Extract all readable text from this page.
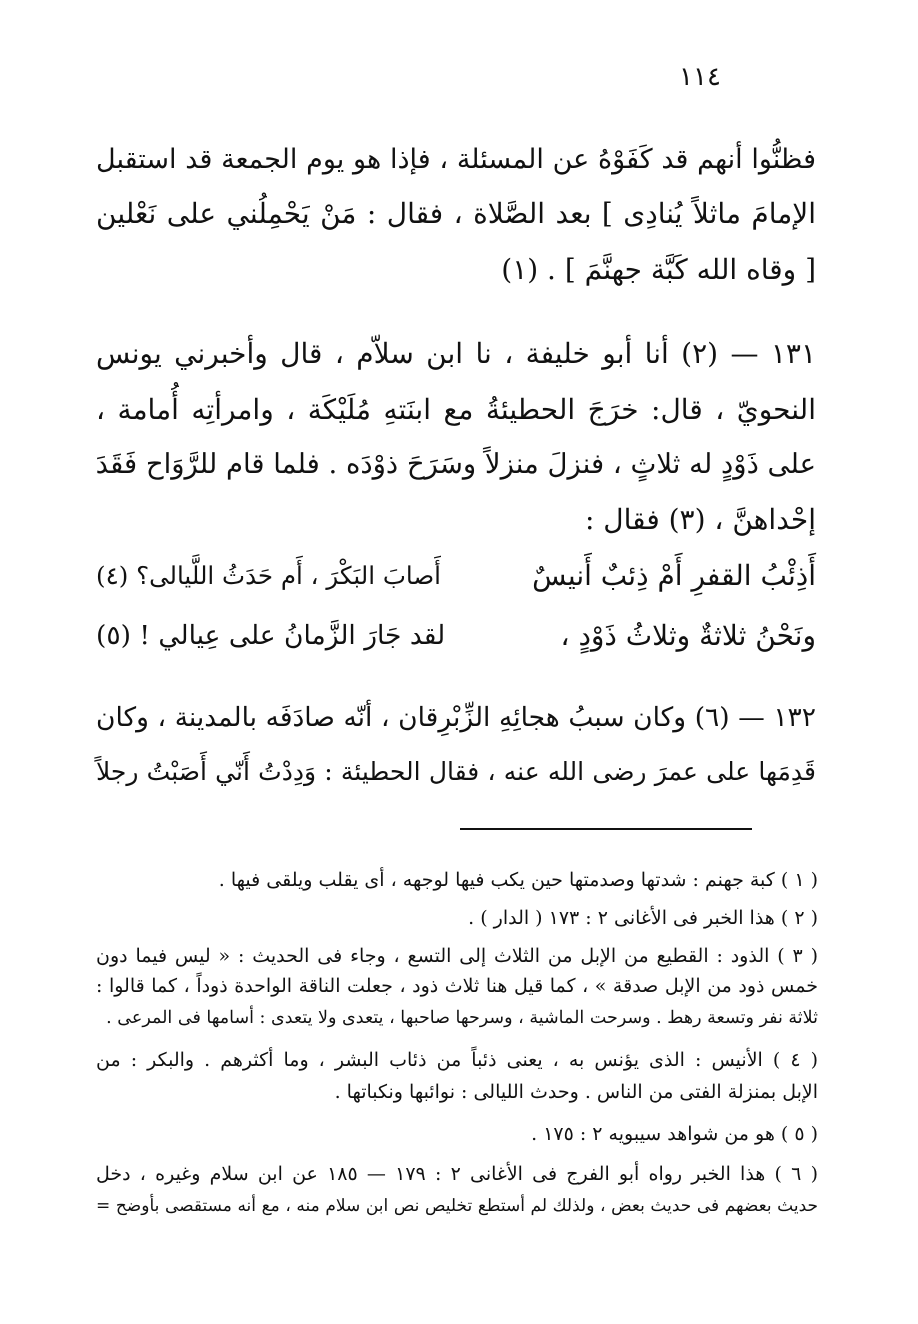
١١٤
فظنُّوا أنهم قد كَفَوْهُ عن المسئلة ، فإذا هو يوم الجمعة قد استقبل
الإمامَ ماثلاً يُنادِى ] بعد الصَّلاة ، فقال : مَنْ يَحْمِلُني على نَعْلين
[ وقاه الله كَبَّة جهنَّمَ ] . (١)
١٣١ — (٢) أنا أبو خليفة ، نا ابن سلاّم ، قال وأخبرني يونس
النحويّ ، قال: خرَجَ الحطيئةُ مع ابنَتهِ مُلَيْكَة ، وامرأتِه أُمامة ،
على ذَوْدٍ له ثلاثٍ ، فنزلَ منزلاً وسَرَحَ ذوْدَه . فلما قام للرَّوَاح فَقَدَ
إحْداهنَّ ، (٣) فقال :
أَذِئْبُ القفرِ أَمْ ذِئبٌ أَنيسٌ
أَصابَ البَكْرَ ، أَم حَدَثُ اللَّيالى؟ (٤)
ونَحْنُ ثلاثةٌ وثلاثُ ذَوْدٍ ،
لقد جَارَ الزَّمانُ على عِيالي ! (٥)
١٣٢ — (٦) وكان سببُ هجائِهِ الزِّبْرِقان ، أنّه صادَفَه بالمدينة ، وكان
قَدِمَها على عمرَ رضى الله عنه ، فقال الحطيئة : وَدِدْتُ أَنّي أَصَبْتُ رجلاً
( ١ ) كبة جهنم : شدتها وصدمتها حين يكب فيها لوجهه ، أى يقلب ويلقى فيها .
( ٢ ) هذا الخبر فى الأغانى ٢ : ١٧٣ ( الدار ) .
( ٣ ) الذود : القطيع من الإبل من الثلاث إلى التسع ، وجاء فى الحديث : « ليس فيما دون
خمس ذود من الإبل صدقة » ، كما قيل هنا ثلاث ذود ، جعلت الناقة الواحدة ذوداً ، كما قالوا :
ثلاثة نفر وتسعة رهط . وسرحت الماشية ، وسرحها صاحبها ، يتعدى ولا يتعدى : أسامها فى المرعى .
( ٤ ) الأنيس : الذى يؤنس به ، يعنى ذئباً من ذئاب البشر ، وما أكثرهم . والبكر : من
الإبل بمنزلة الفتى من الناس . وحدث الليالى : نوائبها ونكباتها .
( ٥ ) هو من شواهد سيبويه ٢ : ١٧٥ .
( ٦ ) هذا الخبر رواه أبو الفرج فى الأغانى ٢ : ١٧٩ — ١٨٥ عن ابن سلام وغيره ، دخل
حديث بعضهم فى حديث بعض ، ولذلك لم أستطع تخليص نص ابن سلام منه ، مع أنه مستقصى بأوضح =
